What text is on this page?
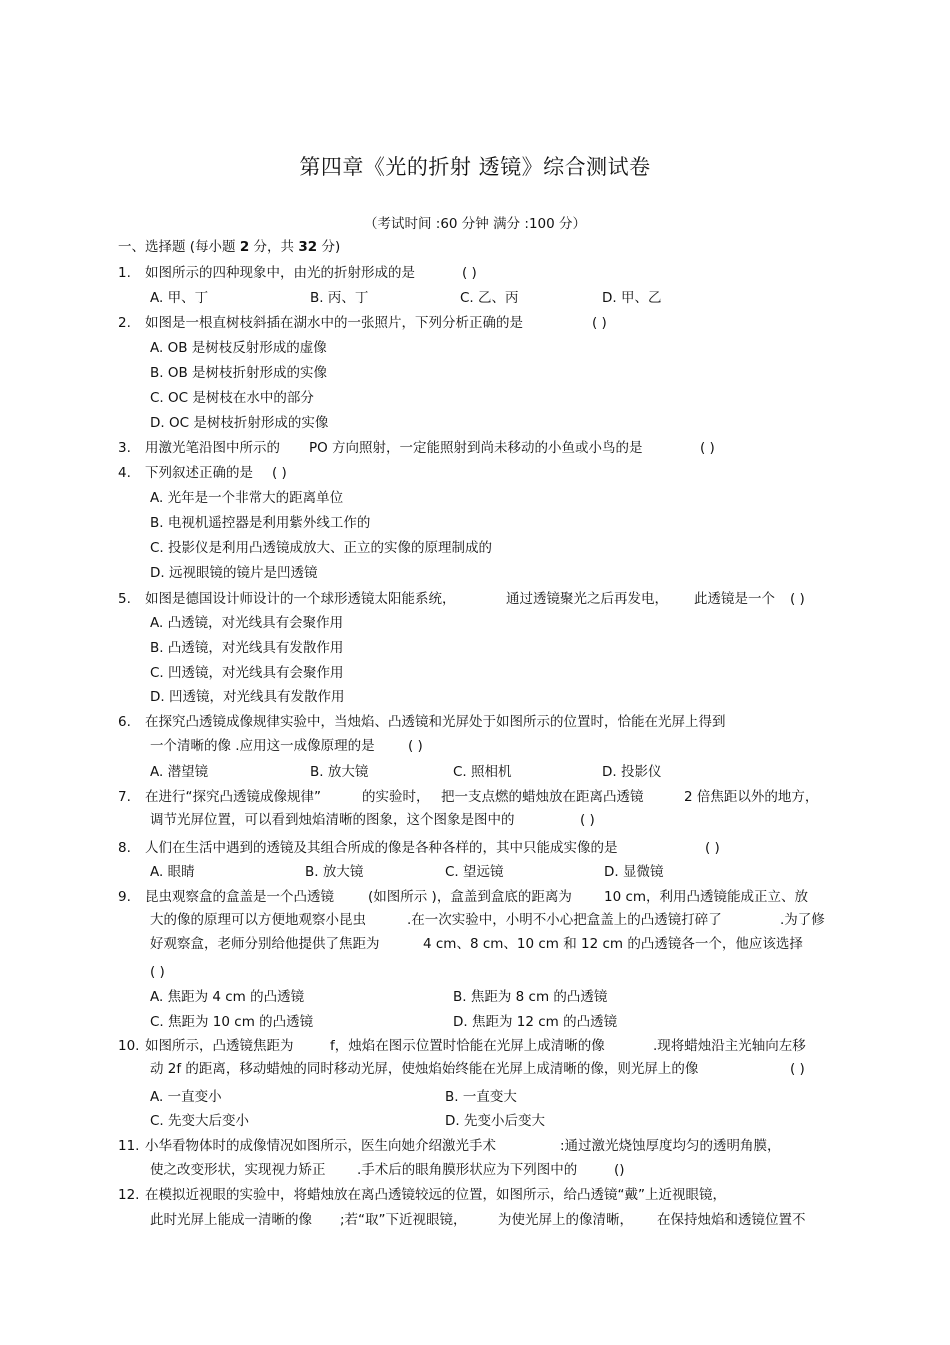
第四章《光的折射 透镜》综合测试卷
（考试时间 :60 分钟 满分 :100 分）
一、选择题 (每小题 2 分，共 32 分)
1. 如图所示的四种现象中，由光的折射形成的是	( )
A. 甲、丁	B. 丙、丁	C. 乙、丙	D. 甲、乙
2. 如图是一根直树枝斜插在湖水中的一张照片，下列分析正确的是	( )
A. OB 是树枝反射形成的虚像
B. OB 是树枝折射形成的实像
C. OC 是树枝在水中的部分
D. OC 是树枝折射形成的实像
3. 用激光笔沿图中所示的 PO 方向照射，一定能照射到尚未移动的小鱼或小鸟的是	( )
4. 下列叙述正确的是 ( )
A. 光年是一个非常大的距离单位
B. 电视机遥控器是利用紫外线工作的
C. 投影仪是利用凸透镜成放大、正立的实像的原理制成的
D. 远视眼镜的镜片是凹透镜
5. 如图是德国设计师设计的一个球形透镜太阳能系统，	通过透镜聚光之后再发电， 此透镜是一个 ( )
A. 凸透镜，对光线具有会聚作用
B. 凸透镜，对光线具有发散作用
C. 凹透镜，对光线具有会聚作用
D. 凹透镜，对光线具有发散作用
6. 在探究凸透镜成像规律实验中，当烛焰、凸透镜和光屏处于如图所示的位置时，恰能在光屏上得到
一个清晰的像 .应用这一成像原理的是 ( )
A. 潜望镜	B. 放大镜	C. 照相机	D. 投影仪
7. 在进行“探究凸透镜成像规律”	的实验时， 把一支点燃的蜡烛放在距离凸透镜	2 倍焦距以外的地方，
调节光屏位置，可以看到烛焰清晰的图象，这个图象是图中的	( )
8. 人们在生活中遇到的透镜及其组合所成的像是各种各样的，其中只能成实像的是	( )
A. 眼睛	B. 放大镜	C. 望远镜	D. 显微镜
9. 昆虫观察盒的盒盖是一个凸透镜	(如图所示 )，盒盖到盒底的距离为 10 cm，利用凸透镜能成正立、放
大的像的原理可以方便地观察小昆虫	.在一次实验中，小明不小心把盒盖上的凸透镜打碎了	.为了修
好观察盒，老师分别给他提供了焦距为	4 cm、8 cm、10 cm 和 12 cm 的凸透镜各一个，他应该选择
( )
A. 焦距为 4 cm 的凸透镜	B. 焦距为 8 cm 的凸透镜
C. 焦距为 10 cm 的凸透镜	D. 焦距为 12 cm 的凸透镜
10. 如图所示，凸透镜焦距为	f，烛焰在图示位置时恰能在光屏上成清晰的像	.现将蜡烛沿主光轴向左移
动 2f 的距离，移动蜡烛的同时移动光屏，使烛焰始终能在光屏上成清晰的像，则光屏上的像	( )
A. 一直变小	B. 一直变大
C. 先变大后变小	D. 先变小后变大
11. 小华看物体时的成像情况如图所示，医生向她介绍激光手术	:通过激光烧蚀厚度均匀的透明角膜，
使之改变形状，实现视力矫正 .手术后的眼角膜形状应为下列图中的	()
12. 在模拟近视眼的实验中，将蜡烛放在离凸透镜较远的位置，如图所示，给凸透镜“戴”上近视眼镜，
此时光屏上能成一清晰的像 ;若“取”下近视眼镜， 为使光屏上的像清晰， 在保持烛焰和透镜位置不
